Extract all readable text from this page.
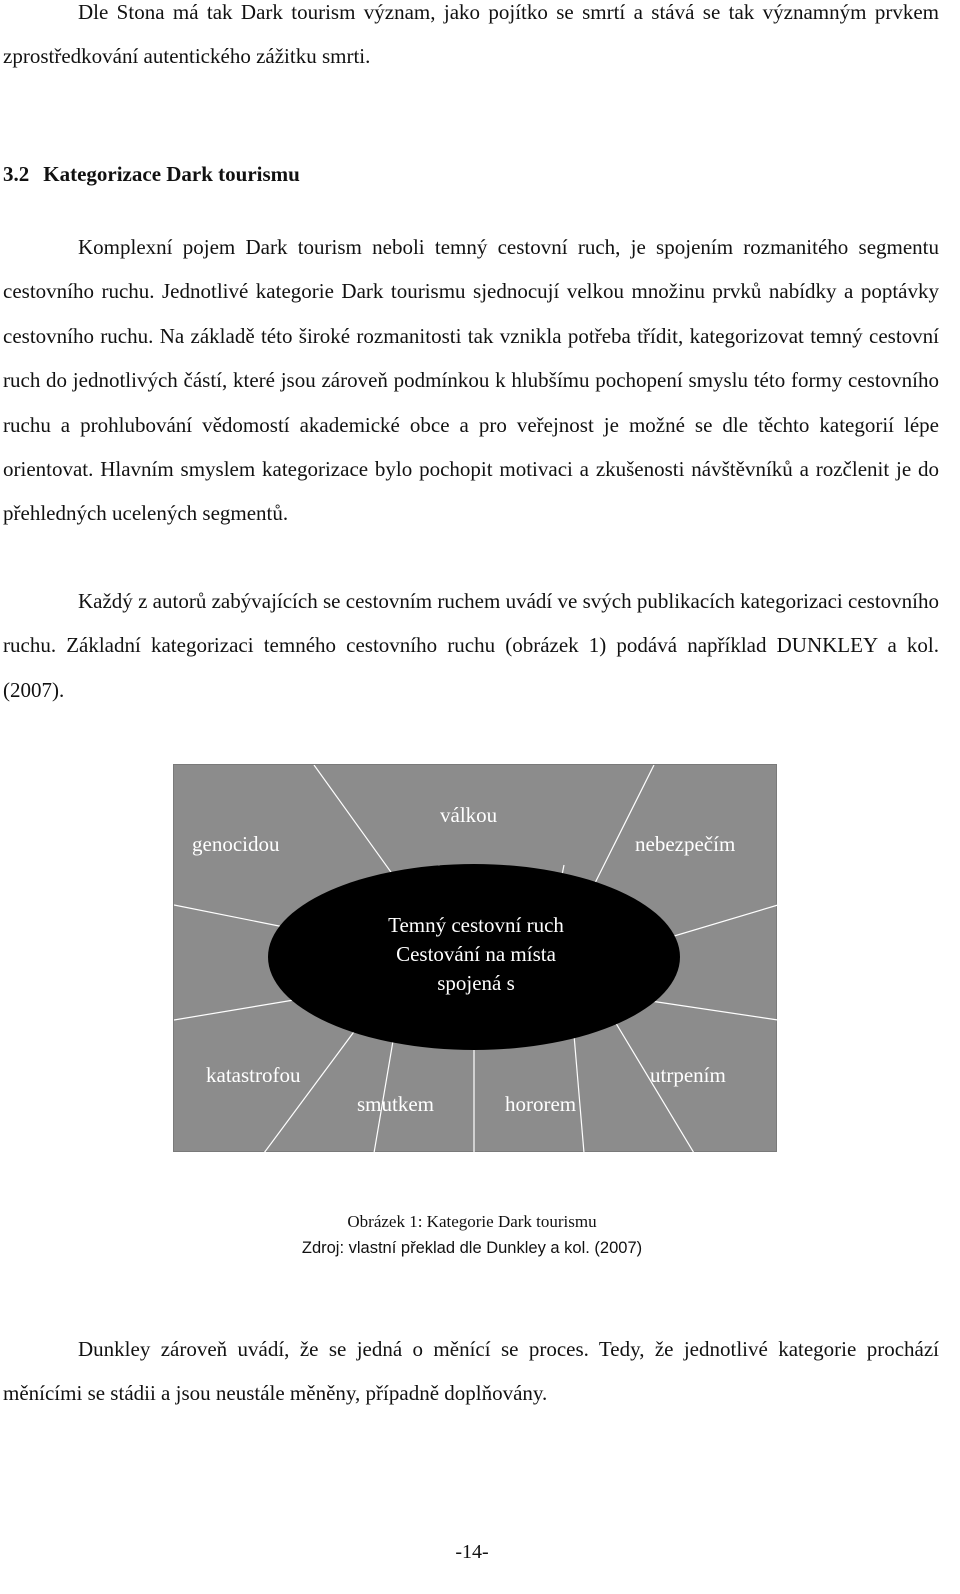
Dle Stona má tak Dark tourism význam, jako pojítko se smrtí a stává se tak významným prvkem zprostředkování autentického zážitku smrti.

3.2 Kategorizace Dark tourismu

Komplexní pojem Dark tourism neboli temný cestovní ruch, je spojením rozmanitého segmentu cestovního ruchu. Jednotlivé kategorie Dark tourismu sjednocují velkou množinu prvků nabídky a poptávky cestovního ruchu. Na základě této široké rozmanitosti tak vznikla potřeba třídit, kategorizovat temný cestovní ruch do jednotlivých částí, které jsou zároveň podmínkou k hlubšímu pochopení smyslu této formy cestovního ruchu a prohlubování vědomostí akademické obce a pro veřejnost je možné se dle těchto kategorií lépe orientovat. Hlavním smyslem kategorizace bylo pochopit motivaci a zkušenosti návštěvníků a rozčlenit je do přehledných ucelených segmentů.

Každý z autorů zabývajících se cestovním ruchem uvádí ve svých publikacích kategorizaci cestovního ruchu. Základní kategorizaci temného cestovního ruchu (obrázek 1) podává například DUNKLEY a kol. (2007).

Temný cestovní ruch
Cestování na místa
spojená s
válkou
genocidou	nebezpečím
katastrofou	utrpením
smutkem	hororem
Obrázek 1: Kategorie Dark tourismu
Zdroj: vlastní překlad dle Dunkley a kol. (2007)

Dunkley zároveň uvádí, že se jedná o měnící se proces. Tedy, že jednotlivé kategorie prochází měnícími se stádii a jsou neustále měněny, případně doplňovány.

-14-
